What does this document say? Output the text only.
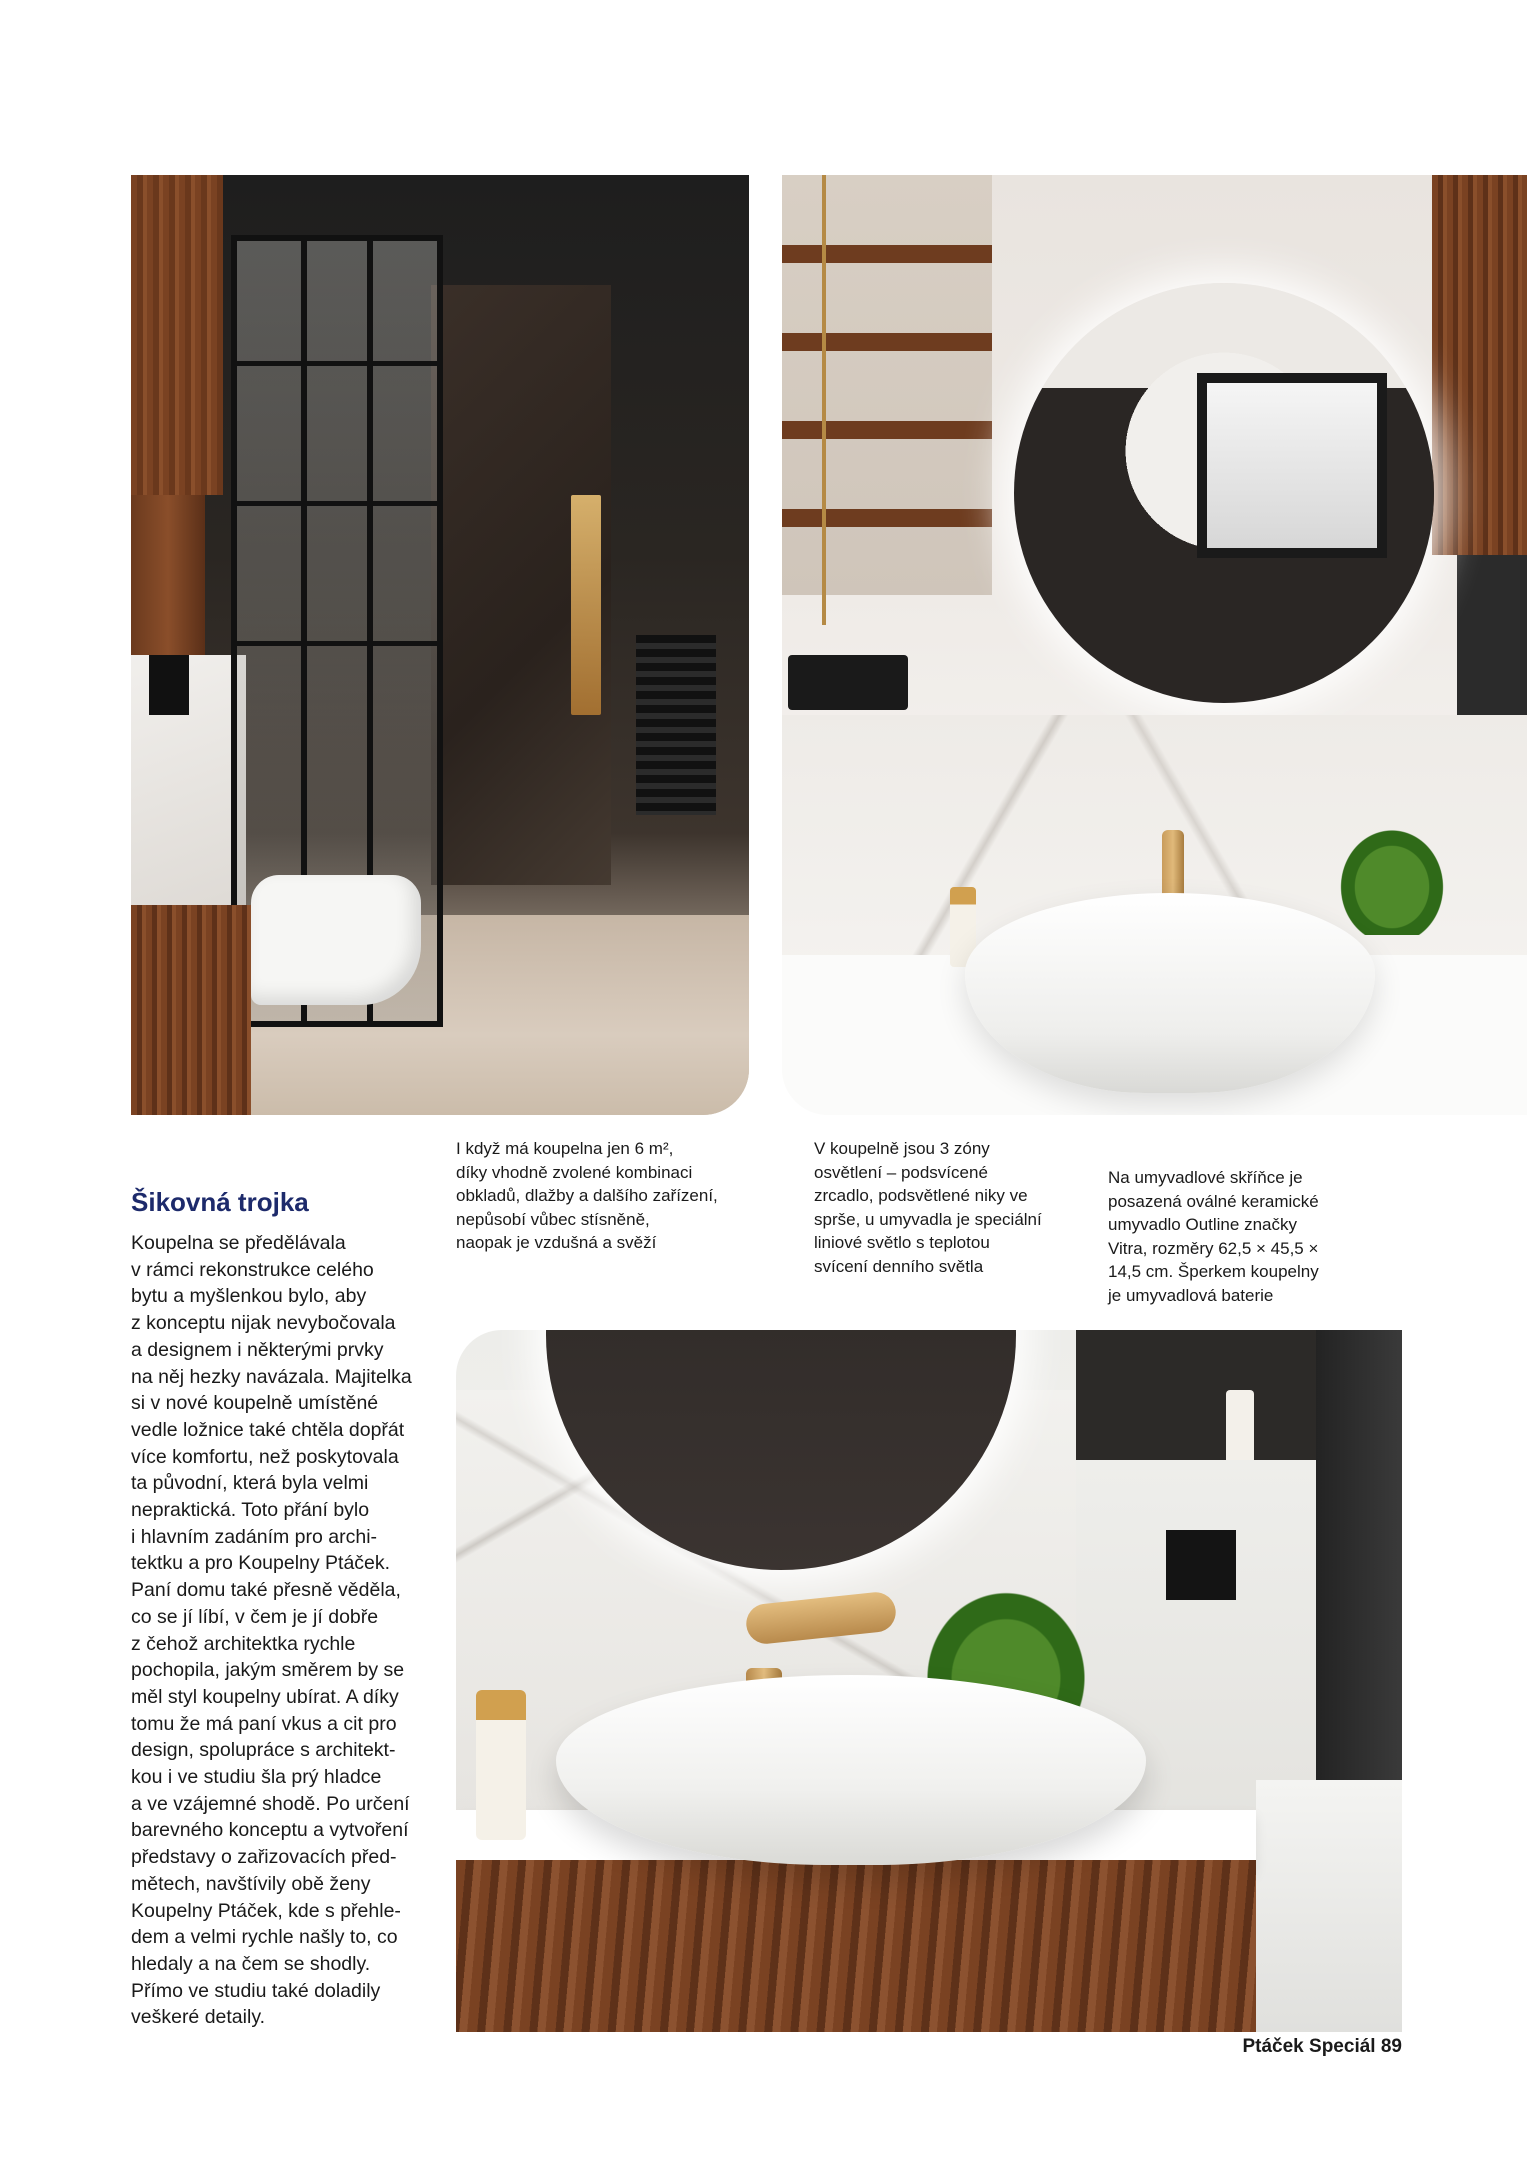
Šikovná trojka

Koupelna se předělávala
v rámci rekonstrukce celého
bytu a myšlenkou bylo, aby
z konceptu nijak nevybočovala
a designem i některými prvky
na něj hezky navázala. Majitelka
si v nové koupelně umístěné
vedle ložnice také chtěla dopřát
více komfortu, než poskytovala
ta původní, která byla velmi
nepraktická. Toto přání bylo
i hlavním zadáním pro archi-
tektku a pro Koupelny Ptáček.
Paní domu také přesně věděla,
co se jí líbí, v čem je jí dobře
z čehož architektka rychle
pochopila, jakým směrem by se
měl styl koupelny ubírat. A díky
tomu že má paní vkus a cit pro
design, spolupráce s architekt-
kou i ve studiu šla prý hladce
a ve vzájemné shodě. Po určení
barevného konceptu a vytvoření
představy o zařizovacích před-
mětech, navštívily obě ženy
Koupelny Ptáček, kde s přehle-
dem a velmi rychle našly to, co
hledaly a na čem se shodly.
Přímo ve studiu také doladily
veškeré detaily.

I když má koupelna jen 6 m²,
díky vhodně zvolené kombinaci
obkladů, dlažby a dalšího zařízení,
nepůsobí vůbec stísněně,
naopak je vzdušná a svěží

V koupelně jsou 3 zóny
osvětlení – podsvícené
zrcadlo, podsvětlené niky ve
sprše, u umyvadla je speciální
liniové světlo s teplotou
svícení denního světla

Na umyvadlové skříňce je
posazená oválné keramické
umyvadlo Outline značky
Vitra, rozměry 62,5 × 45,5 ×
14,5 cm. Šperkem koupelny
je umyvadlová baterie

Ptáček Speciál 89
